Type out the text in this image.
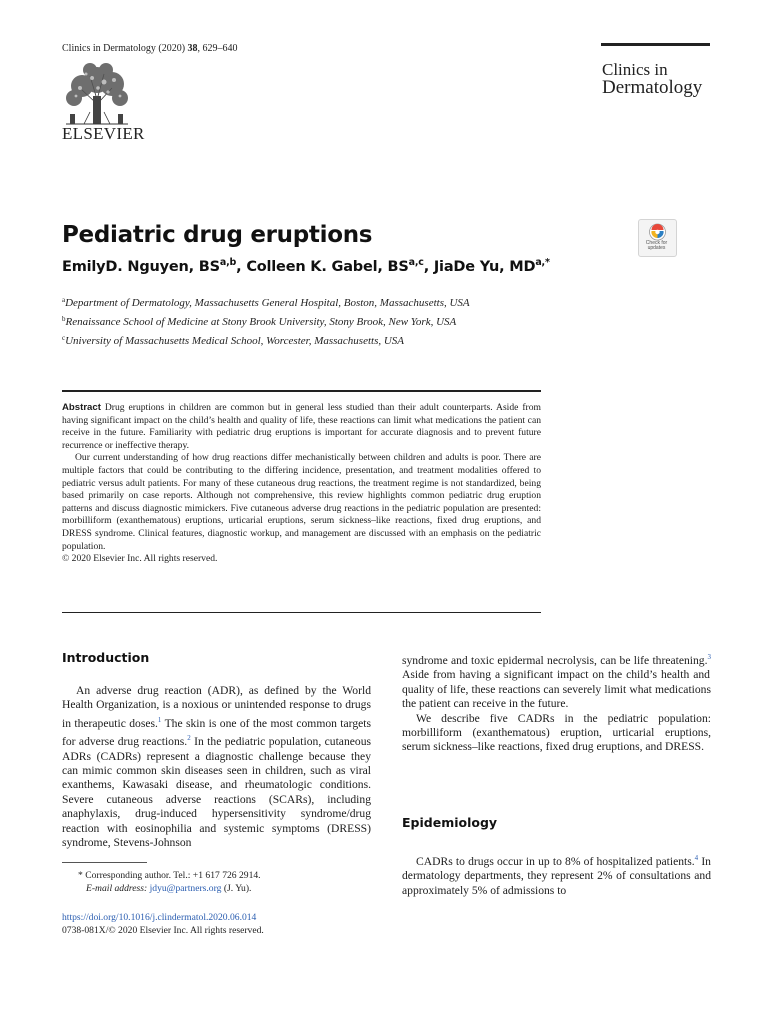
Clinics in Dermatology (2020) 38, 629–640
ELSEVIER
Clinics in
Dermatology
Pediatric drug eruptions	Check for
updates
EmilyD. Nguyen, BS$^{a,b}$, Colleen K. Gabel, BS$^{a,c}$, JiaDe Yu, $MD^{a,*}$
$^a$Department of Dermatology, Massachusetts General Hospital, Boston, Massachusetts, USA
$^b$Renaissance School of Medicine at Stony Brook University, Stony Brook, New York, USA
$^c$University of Massachusetts Medical School, Worcester, Massachusetts, USA

Abstract Drug eruptions in children are common but in general less studied than their adult counterparts. Aside from having significant impact on the child’s health and quality of life, these reactions can limit what medications the patient can receive in the future. Familiarity with pediatric drug eruptions is important for accurate diagnosis and to prevent future recurrence or ineffective therapy.

Our current understanding of how drug reactions differ mechanistically between children and adults is poor. There are multiple factors that could be contributing to the differing incidence, presentation, and treatment modalities offered to pediatric versus adult patients. For many of these cutaneous drug reactions, the treatment regime is not standardized, being based primarily on case reports. Although not comprehensive, this review highlights common pediatric drug eruption patterns and discuss diagnostic mimickers. Five cutaneous adverse drug reactions in the pediatric population are presented: morbilliform (exanthematous) eruptions, urticarial eruptions, serum sickness–like reactions, fixed drug eruptions, and DRESS syndrome. Clinical features, diagnostic workup, and management are discussed with an emphasis on the pediatric population.

© 2020 Elsevier Inc. All rights reserved.

Introduction

An adverse drug reaction (ADR), as defined by the World Health Organization, is a noxious or unintended response to drugs in therapeutic doses.$^1$ The skin is one of the most common targets for adverse drug reactions.$^2$ In the pediatric population, cutaneous ADRs (CADRs) represent a diagnostic challenge because they can mimic common skin diseases seen in children, such as viral exanthems, Kawasaki disease, and rheumatologic conditions. Severe cutaneous adverse reactions (SCARs), including anaphylaxis, drug-induced hypersensitivity syndrome/drug reaction with eosinophilia and systemic symptoms (DRESS) syndrome, Stevens-Johnson

syndrome and toxic epidermal necrolysis, can be life threatening.$^3$ Aside from having a significant impact on the child’s health and quality of life, these reactions can severely limit what medications the patient can receive in the future.

We describe five CADRs in the pediatric population: morbilliform (exanthematous) eruption, urticarial eruptions, serum sickness–like reactions, fixed drug eruptions, and DRESS.

Epidemiology

CADRs to drugs occur in up to 8% of hospitalized patients.$^4$ In dermatology departments, they represent 2% of consultations and approximately 5% of admissions to

* Corresponding author. Tel.: +1 617 726 2914.
E-mail address: jdyu@partners.org (J. Yu).
https://doi.org/10.1016/j.clindermatol.2020.06.014
0738-081X/© 2020 Elsevier Inc. All rights reserved.
